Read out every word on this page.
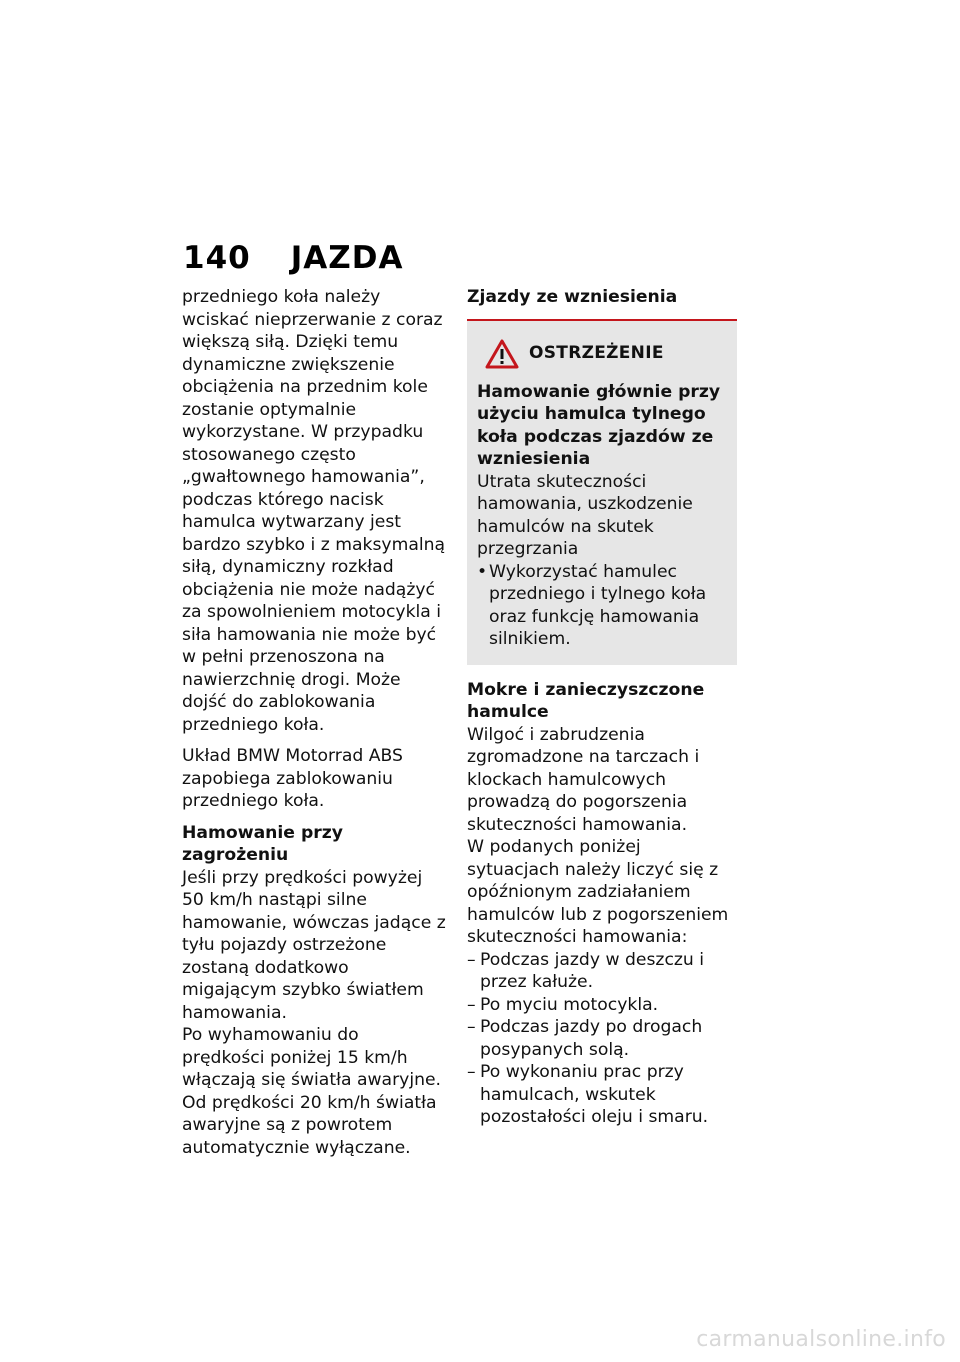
140 JAZDA

przedniego koła należy wciskać nieprzerwanie z coraz większą siłą. Dzięki temu dynamiczne zwiększenie obciążenia na przednim kole zostanie optymalnie wykorzystane. W przypadku stosowanego często „gwałtownego hamowania”, podczas którego nacisk hamulca wytwarzany jest bardzo szybko i z maksymalną siłą, dynamiczny rozkład obciążenia nie może nadążyć za spowolnieniem motocykla i siła hamowania nie może być w pełni przenoszona na nawierzchnię drogi. Może dojść do zablokowania przedniego koła.

Układ BMW Motorrad ABS zapobiega zablokowaniu przedniego koła.

Hamowanie przy zagrożeniu

Jeśli przy prędkości powyżej 50 km/h nastąpi silne hamowanie, wówczas jadące z tyłu pojazdy ostrzeżone zostaną dodatkowo migającym szybko światłem hamowania.

Po wyhamowaniu do prędkości poniżej 15 km/h włączają się światła awaryjne. Od prędkości 20 km/h światła awaryjne są z powrotem automatycznie wyłączane.

Zjazdy ze wzniesienia

OSTRZEŻENIE

Hamowanie głównie przy użyciu hamulca tylnego koła podczas zjazdów ze wzniesienia

Utrata skuteczności hamowania, uszkodzenie hamulców na skutek przegrzania

• Wykorzystać hamulec przedniego i tylnego koła oraz funkcję hamowania silnikiem.

Mokre i zanieczyszczone hamulce

Wilgoć i zabrudzenia zgromadzone na tarczach i klockach hamulcowych prowadzą do pogorszenia skuteczności hamowania.

W podanych poniżej sytuacjach należy liczyć się z opóźnionym zadziałaniem hamulców lub z pogorszeniem skuteczności hamowania:

– Podczas jazdy w deszczu i przez kałuże.
– Po myciu motocykla.
– Podczas jazdy po drogach posypanych solą.
– Po wykonaniu prac przy hamulcach, wskutek pozostałości oleju i smaru.
carmanualsonline.info
